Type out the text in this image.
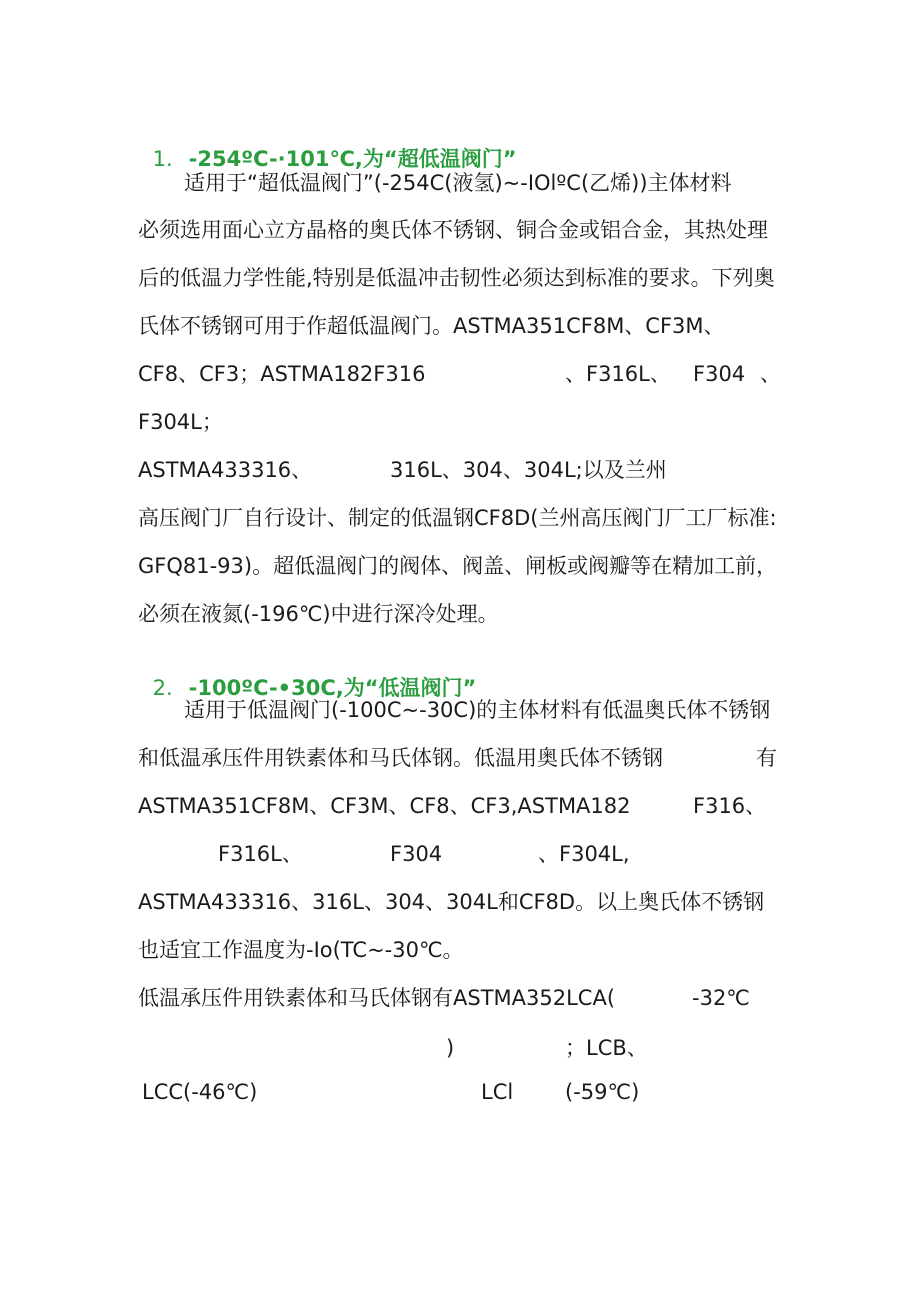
1. -254ºC-·101℃,为“超低温阀门”

适用于“超低温阀门”(-254C(液氢)~-IOlºC(乙烯))主体材料
必须选用面心立方晶格的奥氏体不锈钢、铜合金或铝合金，其热处理
后的低温力学性能,特别是低温冲击韧性必须达到标准的要求。下列奥
氏体不锈钢可用于作超低温阀门。ASTMA351CF8M、CF3M、
CF8、CF3；ASTMA182F316	、F316L、 F304 、
F304L；
ASTMA433316、	316L、304、304L;以及兰州
高压阀门厂自行设计、制定的低温钢CF8D(兰州高压阀门厂工厂标准:
GFQ81-93)。超低温阀门的阀体、阀盖、闸板或阀瓣等在精加工前，
必须在液氮(-196℃)中进行深冷处理。

2. -100ºC-•30C,为“低温阀门”

适用于低温阀门(-100C~-30C)的主体材料有低温奥氏体不锈钢
和低温承压件用铁素体和马氏体钢。低温用奥氏体不锈钢	有
ASTMA351CF8M、CF3M、CF8、CF3,ASTMA182	F316、
F316L、	F304	、F304L,
ASTMA433316、316L、304、304L和CF8D。以上奥氏体不锈钢
也适宜工作温度为-Io(TC~-30℃。
低温承压件用铁素体和马氏体钢有ASTMA352LCA(	-32℃
)	；LCB、
LCC(-46℃)	LCl (-59℃)
